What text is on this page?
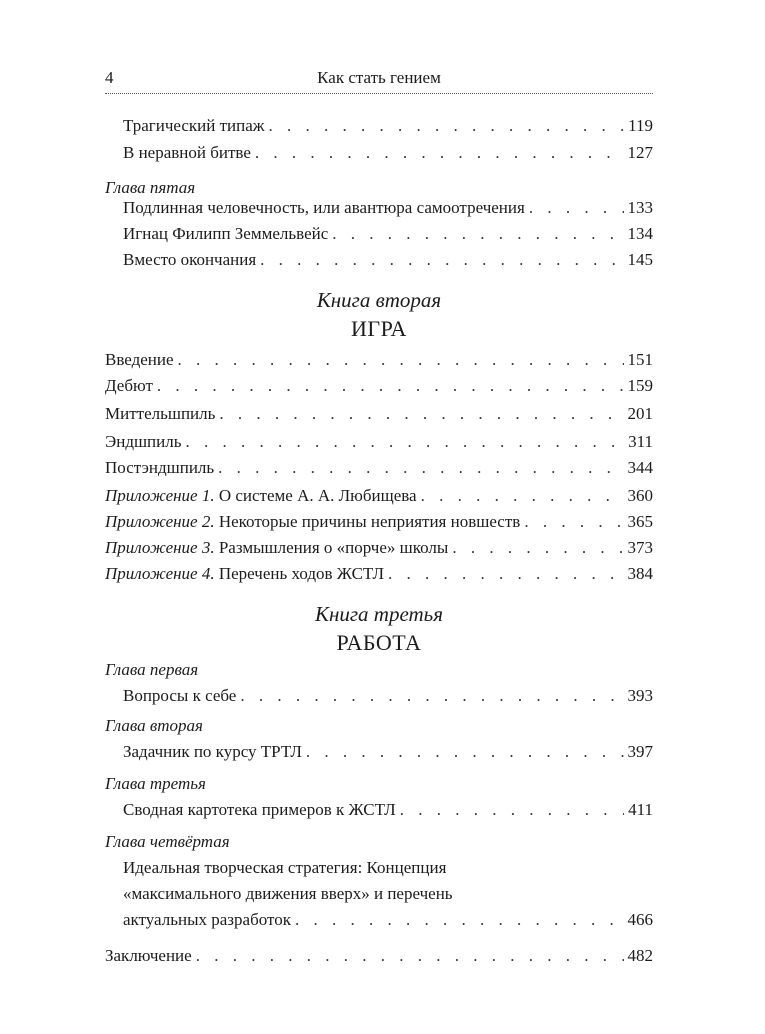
4	Как стать гением
Трагический типаж . . .	119
В неравной битве . . .	127
Глава пятая
Подлинная человечность, или авантюра самоотречения . . .	133
Игнац Филипп Земмельвейс . . .	134
Вместо окончания . . .	145
Книга вторая
ИГРА
Введение . . .	151
Дебют . . .	159
Миттельшпиль . . .	201
Эндшпиль . . .	311
Постэндшпиль . . .	344
Приложение 1. О системе А. А. Любищева . . .	360
Приложение 2. Некоторые причины неприятия новшеств . . .	365
Приложение 3. Размышления о «порче» школы . . .	373
Приложение 4. Перечень ходов ЖСТЛ . . .	384
Книга третья
РАБОТА
Глава первая
Вопросы к себе . . .	393
Глава вторая
Задачник по курсу ТРТЛ . . .	397
Глава третья
Сводная картотека примеров к ЖСТЛ . . .	411
Глава четвёртая
Идеальная творческая стратегия: Концепция
«максимального движения вверх» и перечень
актуальных разработок . . .	466
Заключение . . .	482
